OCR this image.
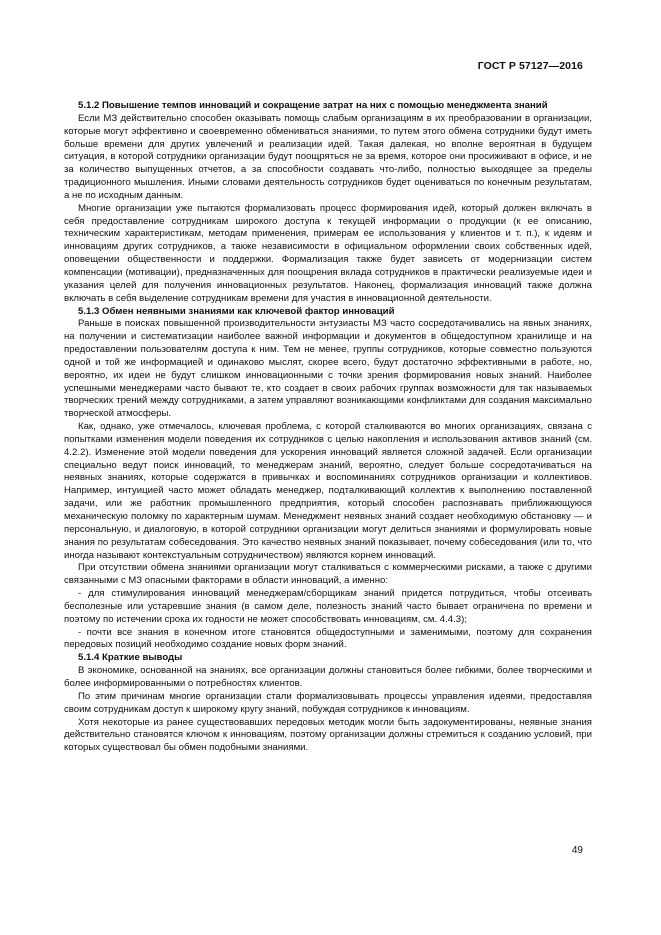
ГОСТ Р 57127—2016
5.1.2 Повышение темпов инноваций и сокращение затрат на них с помощью менеджмента знаний

Если МЗ действительно способен оказывать помощь слабым организациям в их преобразовании в организации, которые могут эффективно и своевременно обмениваться знаниями, то путем этого обмена сотрудники будут иметь больше времени для других увлечений и реализации идей. Такая далекая, но вполне вероятная в будущем ситуация, в которой сотрудники организации будут поощряться не за время, которое они просиживают в офисе, и не за количество выпущенных отчетов, а за способности создавать что-либо, полностью выходящее за пределы традиционного мышления. Иными словами деятельность сотрудников будет оцениваться по конечным результатам, а не по исходным данным.

Многие организации уже пытаются формализовать процесс формирования идей, который должен включать в себя предоставление сотрудникам широкого доступа к текущей информации о продукции (к ее описанию, техническим характеристикам, методам применения, примерам ее использования у клиентов и т. п.), к идеям и инновациям других сотрудников, а также независимости в официальном оформлении своих собственных идей, оповещении общественности и поддержки. Формализация также будет зависеть от модернизации систем компенсации (мотивации), предназначенных для поощрения вклада сотрудников в практически реализуемые идеи и указания целей для получения инновационных результатов. Наконец, формализация инноваций также должна включать в себя выделение сотрудникам времени для участия в инновационной деятельности.

5.1.3 Обмен неявными знаниями как ключевой фактор инноваций

Раньше в поисках повышенной производительности энтузиасты МЗ часто сосредотачивались на явных знаниях, на получении и систематизации наиболее важной информации и документов в общедоступном хранилище и на предоставлении пользователям доступа к ним. Тем не менее, группы сотрудников, которые совместно пользуются одной и той же информацией и одинаково мыслят, скорее всего, будут достаточно эффективными в работе, но, вероятно, их идеи не будут слишком инновационными с точки зрения формирования новых знаний. Наиболее успешными менеджерами часто бывают те, кто создает в своих рабочих группах возможности для так называемых творческих трений между сотрудниками, а затем управляют возникающими конфликтами для создания максимально творческой атмосферы.

Как, однако, уже отмечалось, ключевая проблема, с которой сталкиваются во многих организациях, связана с попытками изменения модели поведения их сотрудников с целью накопления и использования активов знаний (см. 4.2.2). Изменение этой модели поведения для ускорения инноваций является сложной задачей. Если организации специально ведут поиск инноваций, то менеджерам знаний, вероятно, следует больше сосредотачиваться на неявных знаниях, которые содержатся в привычках и воспоминаниях сотрудников организации и коллективов. Например, интуицией часто может обладать менеджер, подталкивающий коллектив к выполнению поставленной задачи, или же работник промышленного предприятия, который способен распознавать приближающуюся механическую поломку по характерным шумам. Менеджмент неявных знаний создает необходимую обстановку — и персональную, и диалоговую, в которой сотрудники организации могут делиться знаниями и формулировать новые знания по результатам собеседования. Это качество неявных знаний показывает, почему собеседования (или то, что иногда называют контекстуальным сотрудничеством) являются корнем инноваций.

При отсутствии обмена знаниями организации могут сталкиваться с коммерческими рисками, а также с другими связанными с МЗ опасными факторами в области инноваций, а именно:

- для стимулирования инноваций менеджерам/сборщикам знаний придется потрудиться, чтобы отсеивать бесполезные или устаревшие знания (в самом деле, полезность знаний часто бывает ограничена по времени и поэтому по истечении срока их годности не может способствовать инновациям, см. 4.4.3);

- почти все знания в конечном итоге становятся общедоступными и заменимыми, поэтому для сохранения передовых позиций необходимо создание новых форм знаний.

5.1.4 Краткие выводы

В экономике, основанной на знаниях, все организации должны становиться более гибкими, более творческими и более информированными о потребностях клиентов.

По этим причинам многие организации стали формализовывать процессы управления идеями, предоставляя своим сотрудникам доступ к широкому кругу знаний, побуждая сотрудников к инновациям.

Хотя некоторые из ранее существовавших передовых методик могли быть задокументированы, неявные знания действительно становятся ключом к инновациям, поэтому организации должны стремиться к созданию условий, при которых существовал бы обмен подобными знаниями.

49
